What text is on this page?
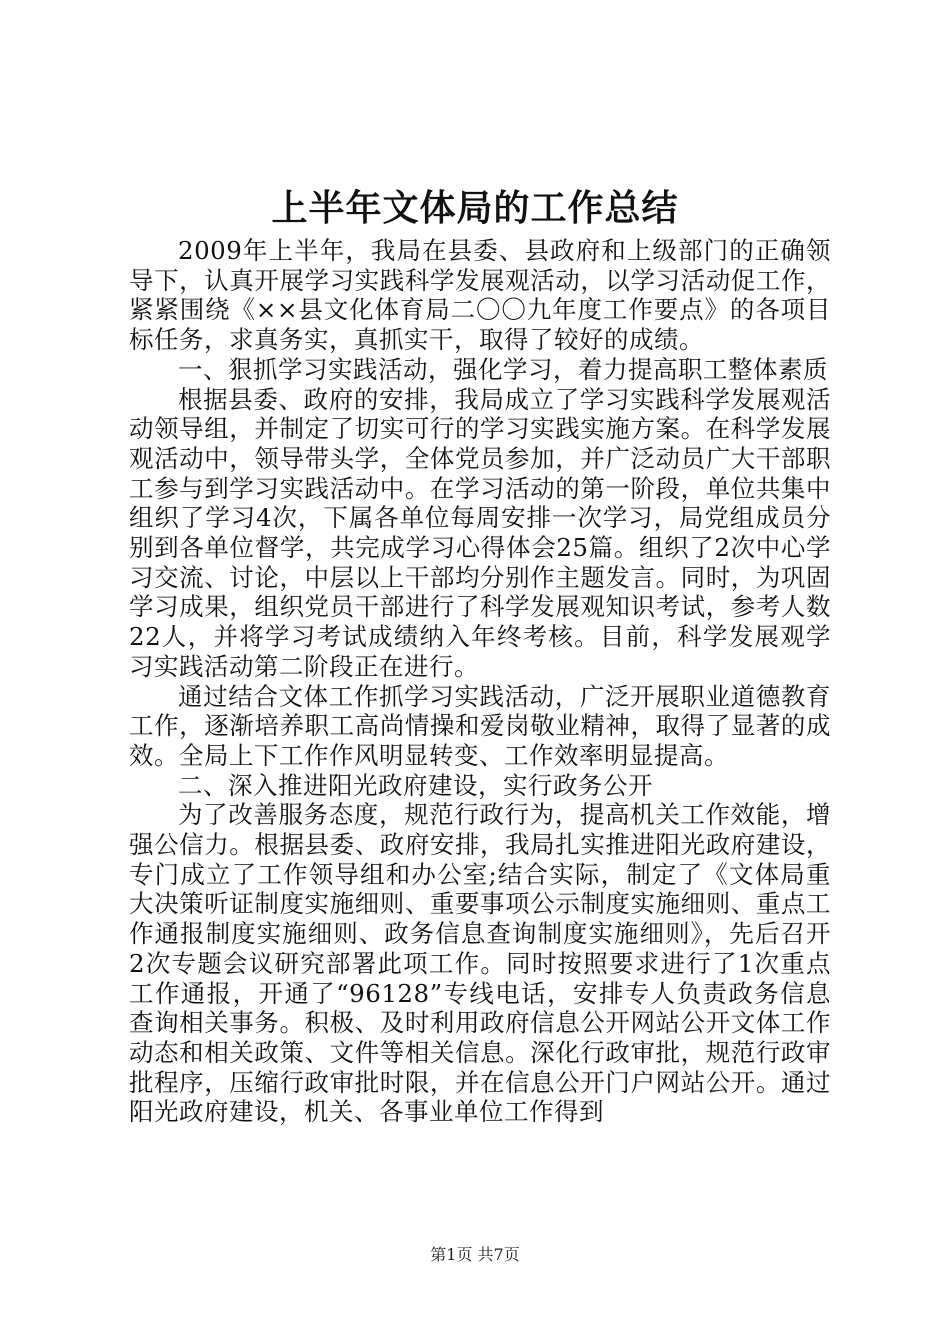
上半年文体局的工作总结

2009年上半年，我局在县委、县政府和上级部门的正确领导下，认真开展学习实践科学发展观活动，以学习活动促工作，紧紧围绕《××县文化体育局二〇〇九年度工作要点》的各项目标任务，求真务实，真抓实干，取得了较好的成绩。

一、狠抓学习实践活动，强化学习，着力提高职工整体素质

根据县委、政府的安排，我局成立了学习实践科学发展观活动领导组，并制定了切实可行的学习实践实施方案。在科学发展观活动中，领导带头学，全体党员参加，并广泛动员广大干部职工参与到学习实践活动中。在学习活动的第一阶段，单位共集中组织了学习4次，下属各单位每周安排一次学习，局党组成员分别到各单位督学，共完成学习心得体会25篇。组织了2次中心学习交流、讨论，中层以上干部均分别作主题发言。同时，为巩固学习成果，组织党员干部进行了科学发展观知识考试，参考人数22人，并将学习考试成绩纳入年终考核。目前，科学发展观学习实践活动第二阶段正在进行。

通过结合文体工作抓学习实践活动，广泛开展职业道德教育工作，逐渐培养职工高尚情操和爱岗敬业精神，取得了显著的成效。全局上下工作作风明显转变、工作效率明显提高。

二、深入推进阳光政府建设，实行政务公开

为了改善服务态度，规范行政行为，提高机关工作效能，增强公信力。根据县委、政府安排，我局扎实推进阳光政府建设，专门成立了工作领导组和办公室;结合实际，制定了《文体局重大决策听证制度实施细则、重要事项公示制度实施细则、重点工作通报制度实施细则、政务信息查询制度实施细则》，先后召开2次专题会议研究部署此项工作。同时按照要求进行了1次重点工作通报，开通了“96128”专线电话，安排专人负责政务信息查询相关事务。积极、及时利用政府信息公开网站公开文体工作动态和相关政策、文件等相关信息。深化行政审批，规范行政审批程序，压缩行政审批时限，并在信息公开门户网站公开。通过阳光政府建设，机关、各事业单位工作得到

第1页 共7页
